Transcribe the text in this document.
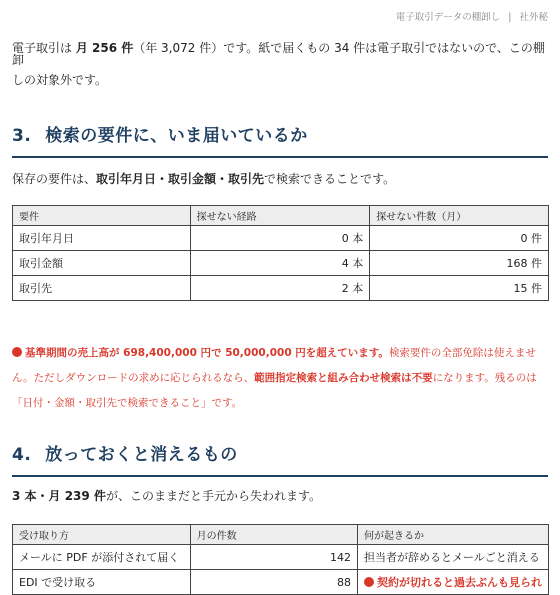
電子取引データの棚卸し | 社外秘
電子取引は 月 256 件（年 3,072 件）です。紙で届くもの 34 件は電子取引ではないので、この棚卸
しの対象外です。
3. 検索の要件に、いま届いているか
保存の要件は、取引年月日・取引金額・取引先で検索できることです。
要件	探せない経路	探せない件数（月）
取引年月日	0 本	0 件
取引金額	4 本	168 件
取引先	2 本	15 件
基準期間の売上高が 698,400,000 円で 50,000,000 円を超えています。検索要件の全部免除は使えません。ただしダウンロードの求めに応じられるなら、範囲指定検索と組み合わせ検索は不要になります。残るのは「日付・金額・取引先で検索できること」です。
4. 放っておくと消えるもの
3 本・月 239 件が、このままだと手元から失われます。
受け取り方	月の件数	何が起きるか
メールに PDF が添付されて届く	142	担当者が辞めるとメールごと消える
EDI で受け取る	88	契約が切れると過去ぶんも見られ
